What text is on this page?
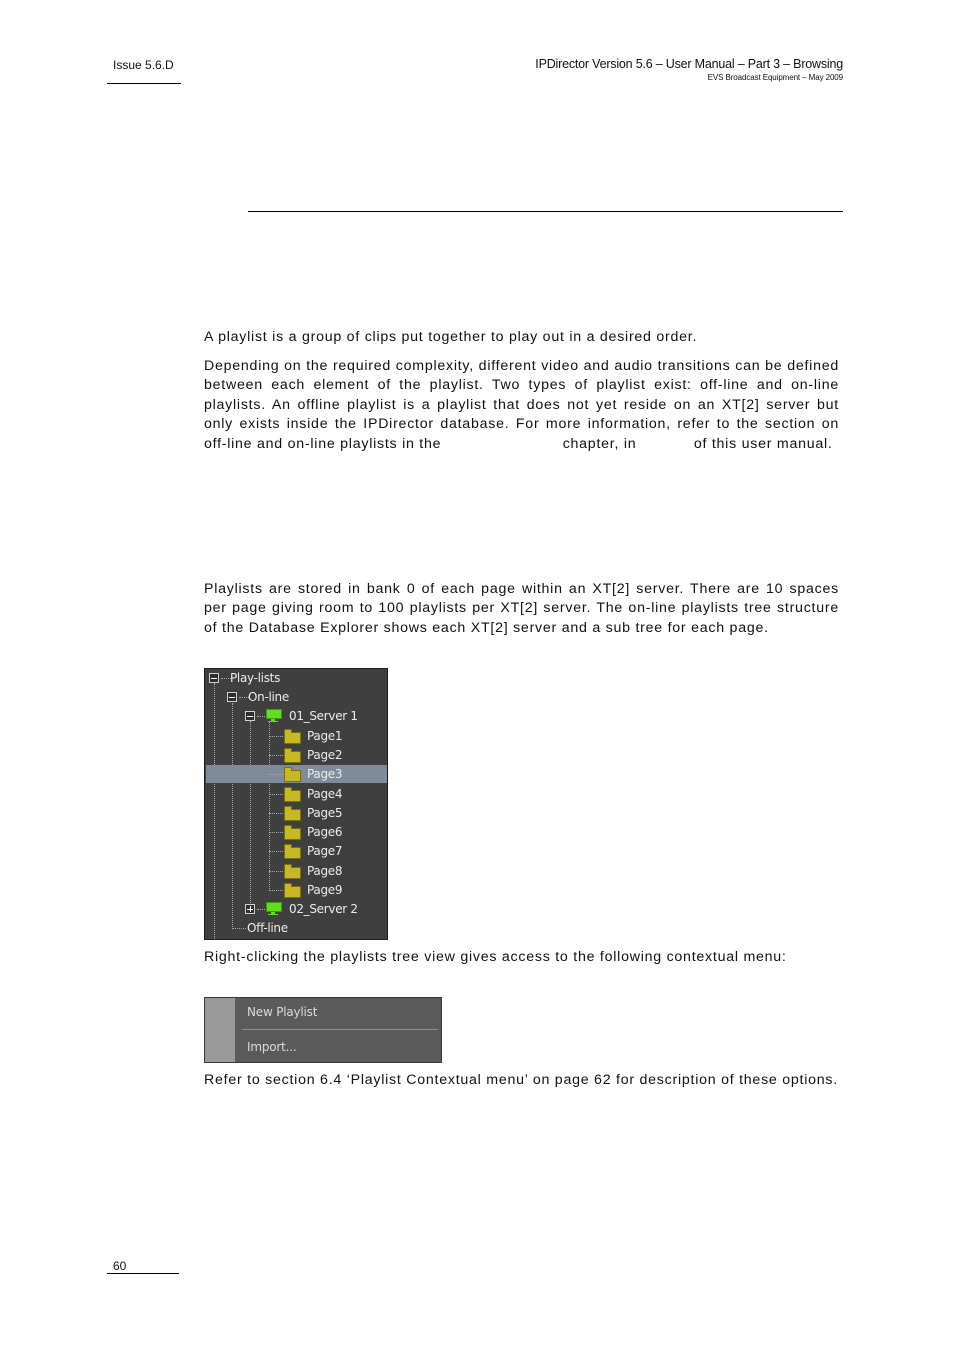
Issue 5.6.D	IPDirector Version 5.6 – User Manual – Part 3 – Browsing
EVS Broadcast Equipment – May 2009

A playlist is a group of clips put together to play out in a desired order.

Depending on the required complexity, different video and audio transitions can be defined between each element of the playlist. Two types of playlist exist: off-line and on-line playlists. An offline playlist is a playlist that does not yet reside on an XT[2] server but only exists inside the IPDirector database. For more information, refer to the section on off-line and on-line playlists in the	chapter, in	of this user manual.

Playlists are stored in bank 0 of each page within an XT[2] server. There are 10 spaces per page giving room to 100 playlists per XT[2] server. The on-line playlists tree structure of the Database Explorer shows each XT[2] server and a sub tree for each page.

Play-lists
On-line
01_Server 1
Page1
Page2
Page3
Page4
Page5
Page6
Page7
Page8
Page9
02_Server 2
Off-line

Right-clicking the playlists tree view gives access to the following contextual menu:

New Playlist
Import...

Refer to section 6.4 ‘Playlist Contextual menu’ on page 62 for description of these options.

60
